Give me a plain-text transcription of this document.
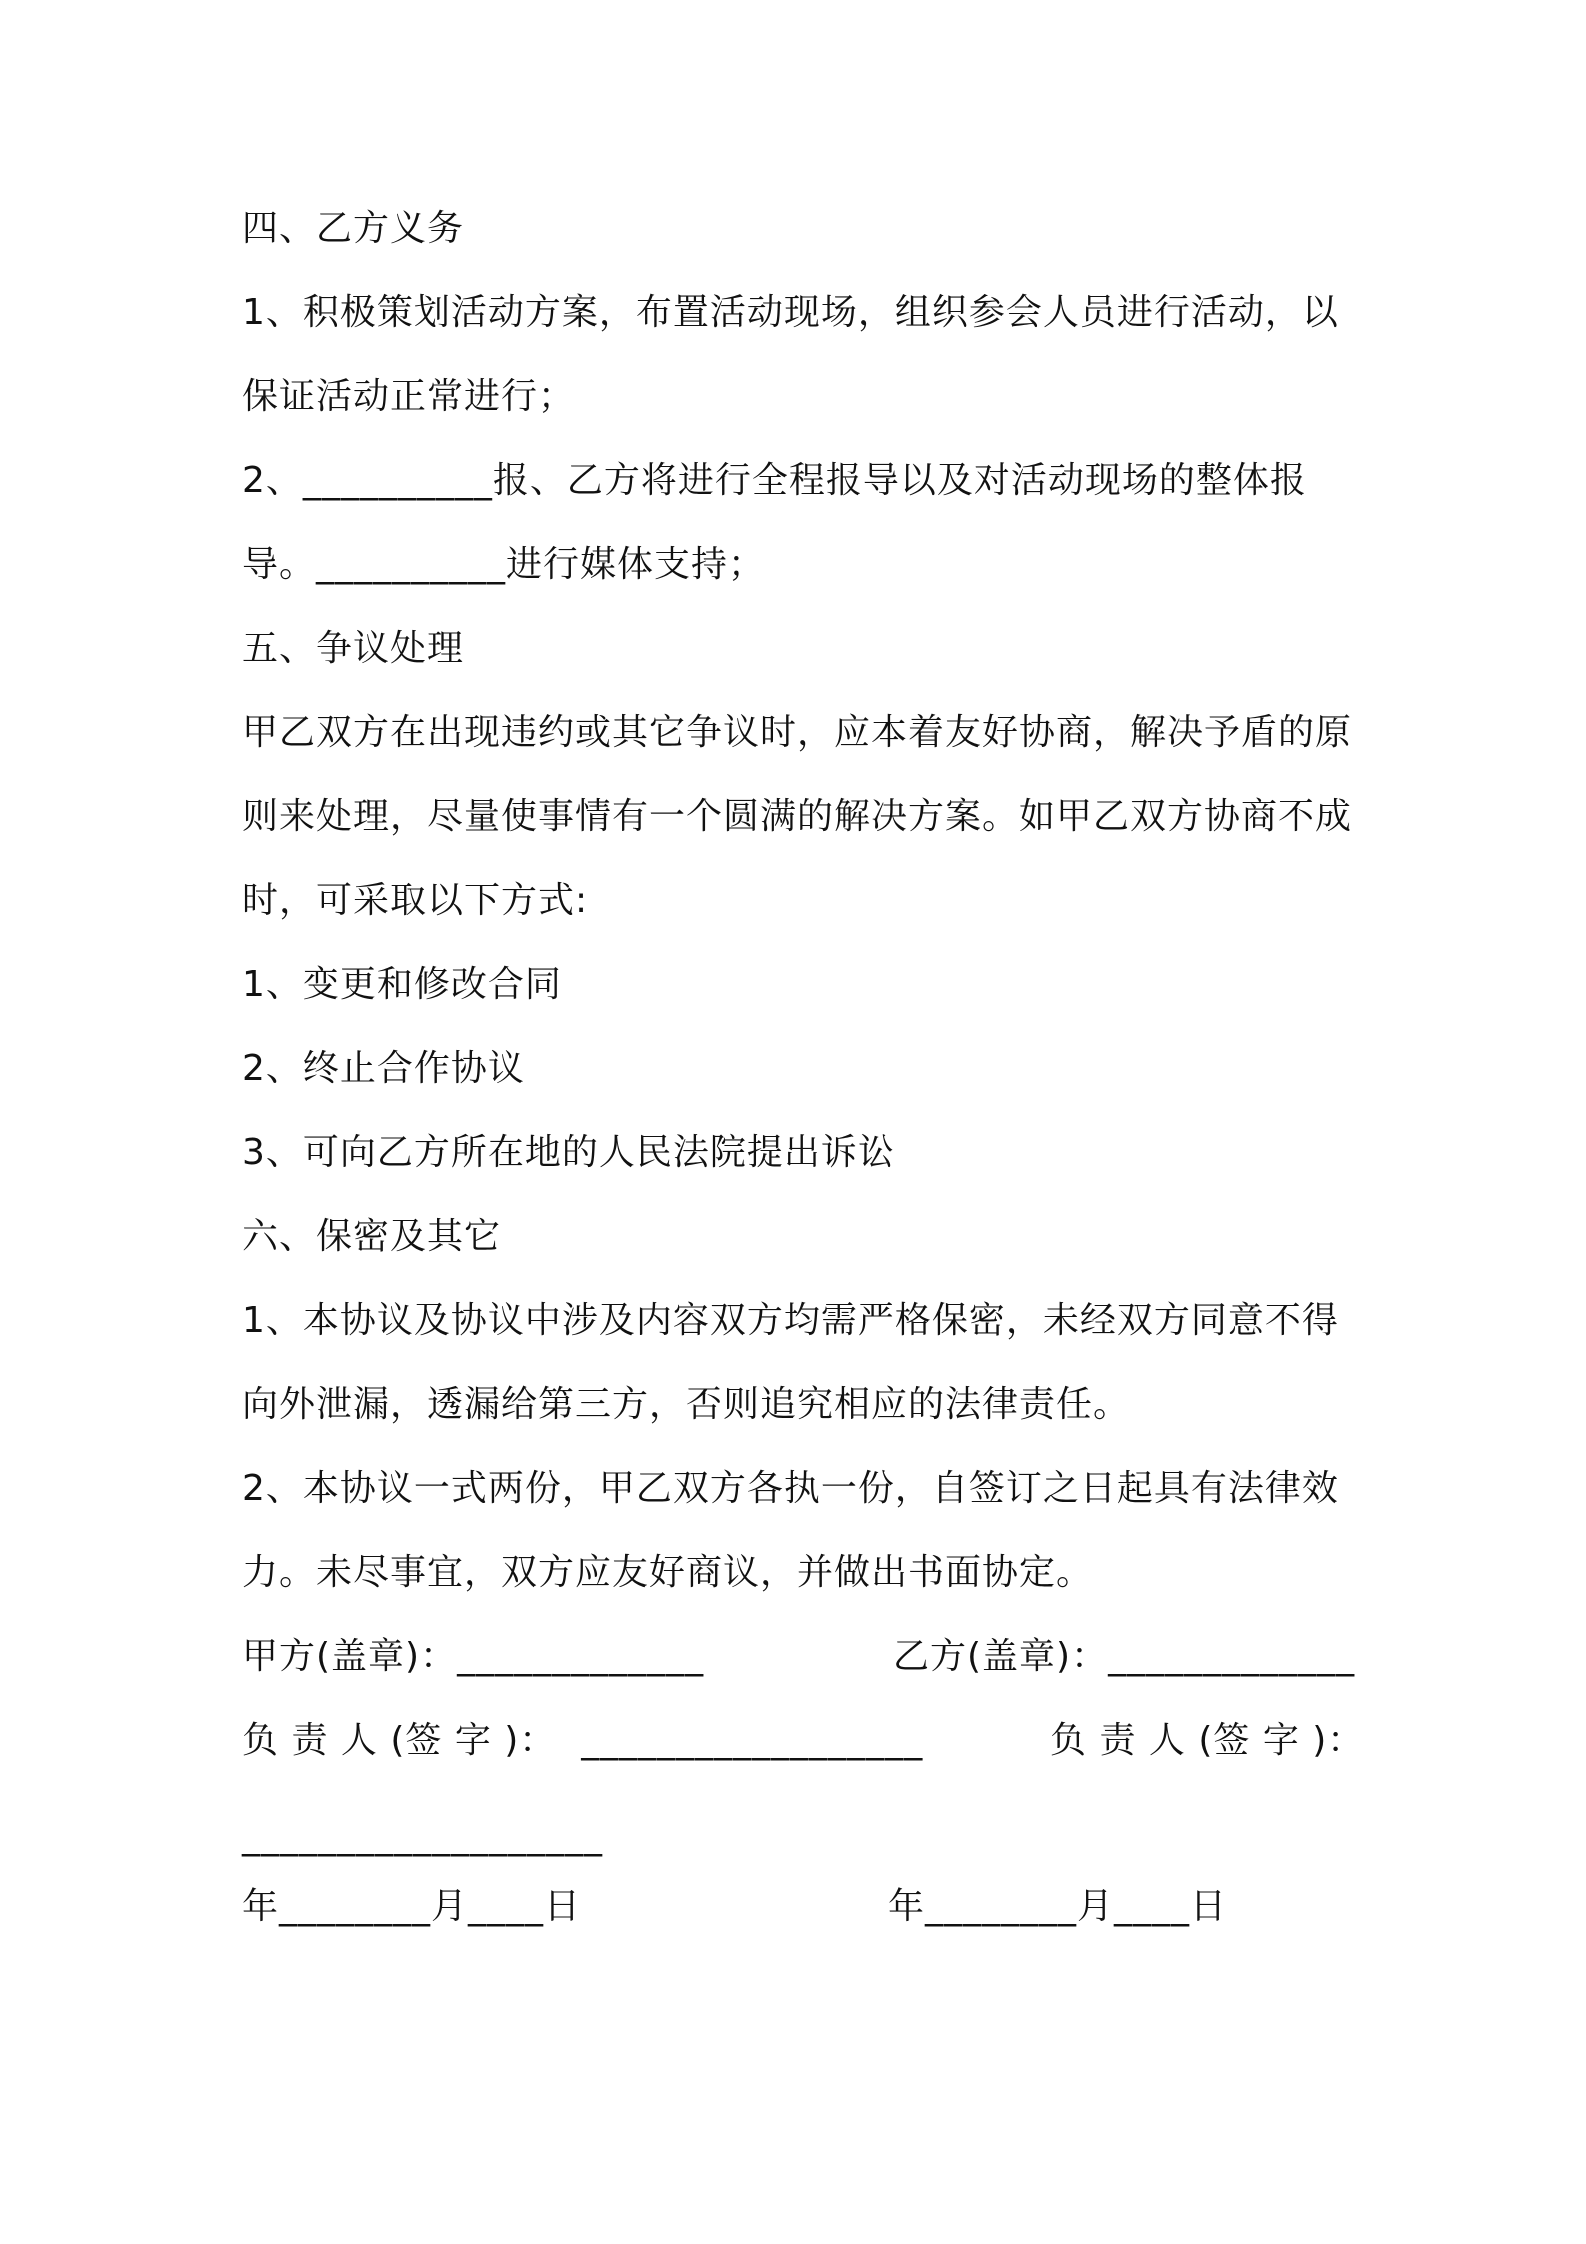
四、乙方义务
1、积极策划活动方案，布置活动现场，组织参会人员进行活动，以
保证活动正常进行；
2、__________报、乙方将进行全程报导以及对活动现场的整体报
导。__________进行媒体支持；
五、争议处理
甲乙双方在出现违约或其它争议时，应本着友好协商，解决予盾的原
则来处理，尽量使事情有一个圆满的解决方案。如甲乙双方协商不成
时，可采取以下方式:
1、变更和修改合同
2、终止合作协议
3、可向乙方所在地的人民法院提出诉讼
六、保密及其它
1、本协议及协议中涉及内容双方均需严格保密，未经双方同意不得
向外泄漏，透漏给第三方，否则追究相应的法律责任。
2、本协议一式两份，甲乙双方各执一份，自签订之日起具有法律效
力。未尽事宜，双方应友好商议，并做出书面协定。
甲方(盖章)：_____________	乙方(盖章)：_____________
负 责 人 (签 字 )：  __________________	负 责 人 (签 字 )：
___________________
年________月____日	年________月____日
